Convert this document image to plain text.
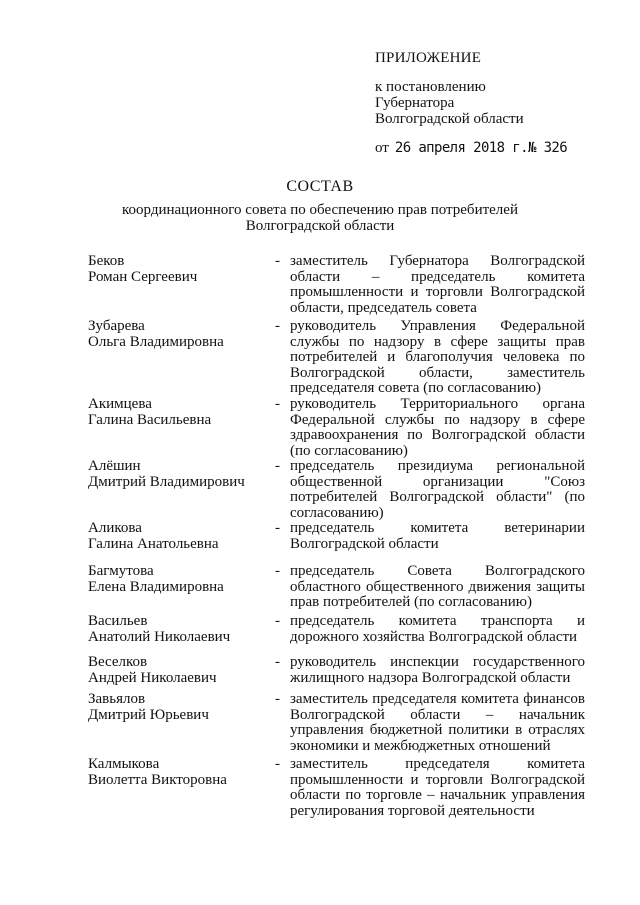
ПРИЛОЖЕНИЕ
к постановлению
Губернатора
Волгоградской области
от 26 апреля 2018 г.№ 326
СОСТАВ
координационного совета по обеспечению прав потребителей Волгоградской области
Беков
Роман Сергеевич
- заместитель Губернатора Волгоградской области – председатель комитета промышленности и торговли Волгоградской области, председатель совета
Зубарева
Ольга Владимировна
- руководитель Управления Федеральной службы по надзору в сфере защиты прав потребителей и благополучия человека по Волгоградской области, заместитель председателя совета (по согласованию)
Акимцева
Галина Васильевна
- руководитель Территориального органа Федеральной службы по надзору в сфере здравоохранения по Волгоградской области (по согласованию)
Алёшин
Дмитрий Владимирович
- председатель президиума региональной общественной организации "Союз потребителей Волгоградской области" (по согласованию)
Аликова
Галина Анатольевна
- председатель комитета ветеринарии Волгоградской области
Багмутова
Елена Владимировна
- председатель Совета Волгоградского областного общественного движения защиты прав потребителей (по согласованию)
Васильев
Анатолий Николаевич
- председатель комитета транспорта и дорожного хозяйства Волгоградской области
Веселков
Андрей Николаевич
- руководитель инспекции государственного жилищного надзора Волгоградской области
Завьялов
Дмитрий Юрьевич
- заместитель председателя комитета финансов Волгоградской области – начальник управления бюджетной политики в отраслях экономики и межбюджетных отношений
Калмыкова
Виолетта Викторовна
- заместитель председателя комитета промышленности и торговли Волгоградской области по торговле – начальник управления регулирования торговой деятельности
